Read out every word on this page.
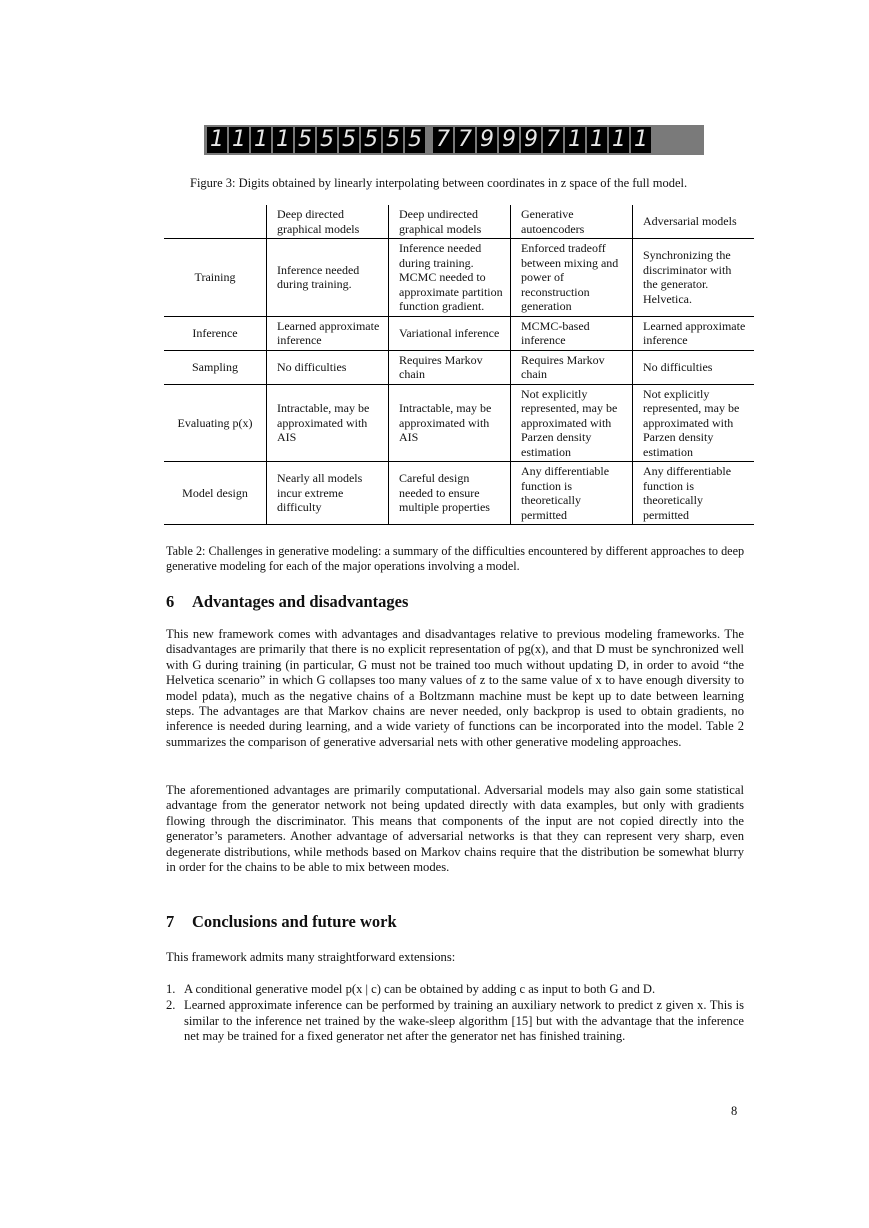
1 1 1 1 5 5 5 5 5 5 7 7 9 9 9 7 1 1 1 1
Figure 3: Digits obtained by linearly interpolating between coordinates in z space of the full model.
	Deep directed graphical models	Deep undirected graphical models	Generative autoencoders	Adversarial models
Training	Inference needed during training.	Inference needed during training. MCMC needed to approximate partition function gradient.	Enforced tradeoff between mixing and power of reconstruction generation	Synchronizing the discriminator with the generator. Helvetica.
Inference	Learned approximate inference	Variational inference	MCMC-based inference	Learned approximate inference
Sampling	No difficulties	Requires Markov chain	Requires Markov chain	No difficulties
Evaluating p(x)	Intractable, may be approximated with AIS	Intractable, may be approximated with AIS	Not explicitly represented, may be approximated with Parzen density estimation	Not explicitly represented, may be approximated with Parzen density estimation
Model design	Nearly all models incur extreme difficulty	Careful design needed to ensure multiple properties	Any differentiable function is theoretically permitted	Any differentiable function is theoretically permitted
Table 2: Challenges in generative modeling: a summary of the difficulties encountered by different approaches to deep generative modeling for each of the major operations involving a model.
6 Advantages and disadvantages

This new framework comes with advantages and disadvantages relative to previous modeling frameworks. The disadvantages are primarily that there is no explicit representation of pg(x), and that D must be synchronized well with G during training (in particular, G must not be trained too much without updating D, in order to avoid “the Helvetica scenario” in which G collapses too many values of z to the same value of x to have enough diversity to model pdata), much as the negative chains of a Boltzmann machine must be kept up to date between learning steps. The advantages are that Markov chains are never needed, only backprop is used to obtain gradients, no inference is needed during learning, and a wide variety of functions can be incorporated into the model. Table 2 summarizes the comparison of generative adversarial nets with other generative modeling approaches.

The aforementioned advantages are primarily computational. Adversarial models may also gain some statistical advantage from the generator network not being updated directly with data examples, but only with gradients flowing through the discriminator. This means that components of the input are not copied directly into the generator’s parameters. Another advantage of adversarial networks is that they can represent very sharp, even degenerate distributions, while methods based on Markov chains require that the distribution be somewhat blurry in order for the chains to be able to mix between modes.

7 Conclusions and future work

This framework admits many straightforward extensions:

1. A conditional generative model p(x | c) can be obtained by adding c as input to both G and D.
2. Learned approximate inference can be performed by training an auxiliary network to predict z given x. This is similar to the inference net trained by the wake-sleep algorithm [15] but with the advantage that the inference net may be trained for a fixed generator net after the generator net has finished training.
8
